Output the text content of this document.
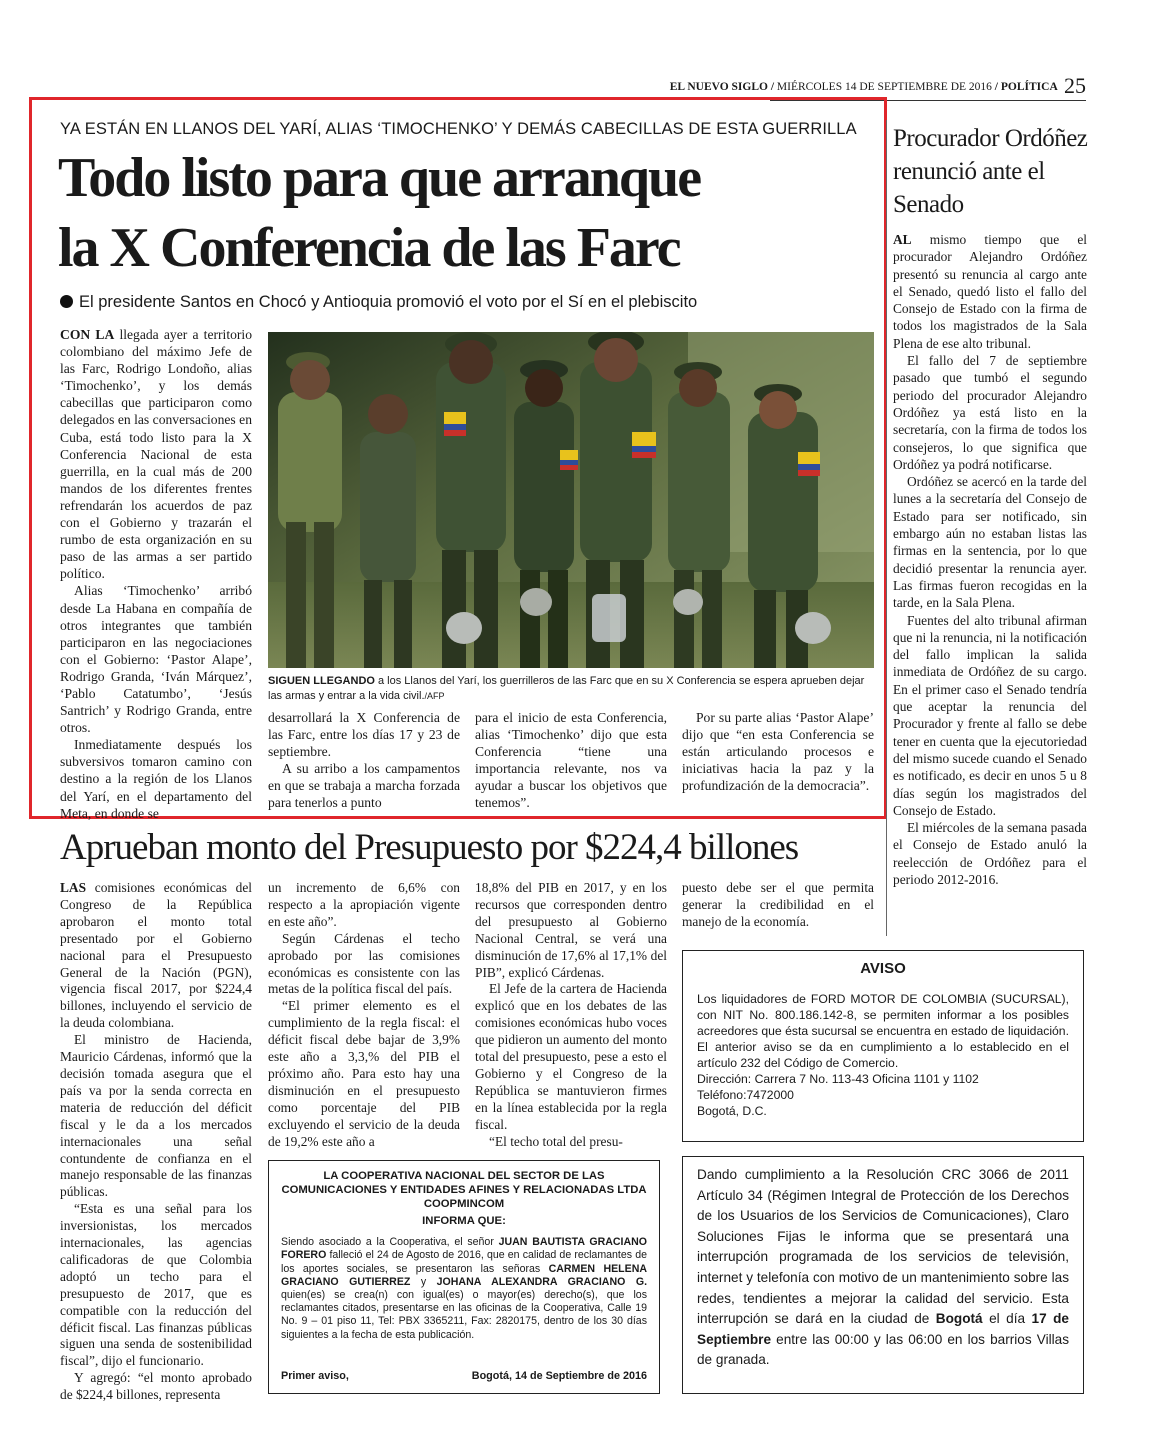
EL NUEVO SIGLO / MIÉRCOLES 14 DE SEPTIEMBRE DE 2016 / POLÍTICA 25
YA ESTÁN EN LLANOS DEL YARÍ, ALIAS ‘TIMOCHENKO’ Y DEMÁS CABECILLAS DE ESTA GUERRILLA
Todo listo para que arranque
la X Conferencia de las Farc
El presidente Santos en Chocó y Antioquia promovió el voto por el Sí en el plebiscito

CON LA llegada ayer a territorio colombiano del máximo Jefe de las Farc, Rodrigo Londoño, alias ‘Timochenko’, y los demás cabecillas que participaron como delegados en las conversaciones en Cuba, está todo listo para la X Conferencia Nacional de esta guerrilla, en la cual más de 200 mandos de los diferentes frentes refrendarán los acuerdos de paz con el Gobierno y trazarán el rumbo de esta organización en su paso de las armas a ser partido político.

Alias ‘Timochenko’ arribó desde La Habana en compañía de otros integrantes que también participaron en las negociaciones con el Gobierno: ‘Pastor Alape’, Rodrigo Granda, ‘Iván Márquez’, ‘Pablo Catatumbo’, ‘Jesús Santrich’ y Rodrigo Granda, entre otros.

Inmediatamente después los subversivos tomaron camino con destino a la región de los Llanos del Yarí, en el departamento del Meta, en donde se

SIGUEN LLEGANDO a los Llanos del Yarí, los guerrilleros de las Farc que en su X Conferencia se espera aprueben dejar las armas y entrar a la vida civil./AFP

desarrollará la X Conferencia de las Farc, entre los días 17 y 23 de septiembre.

A su arribo a los campamentos en que se trabaja a marcha forzada para tenerlos a punto

para el inicio de esta Conferencia, alias ‘Timochenko’ dijo que esta Conferencia “tiene una importancia relevante, nos va ayudar a buscar los objetivos que tenemos”.

Por su parte alias ‘Pastor Alape’ dijo que “en esta Conferencia se están articulando procesos e iniciativas hacia la paz y la profundización de la democracia”.

Procurador Ordóñez renunció ante el Senado

AL mismo tiempo que el procurador Alejandro Ordóñez presentó su renuncia al cargo ante el Senado, quedó listo el fallo del Consejo de Estado con la firma de todos los magistrados de la Sala Plena de ese alto tribunal.

El fallo del 7 de septiembre pasado que tumbó el segundo periodo del procurador Alejandro Ordóñez ya está listo en la secretaría, con la firma de todos los consejeros, lo que significa que Ordóñez ya podrá notificarse.

Ordóñez se acercó en la tarde del lunes a la secretaría del Consejo de Estado para ser notificado, sin embargo aún no estaban listas las firmas en la sentencia, por lo que decidió presentar la renuncia ayer. Las firmas fueron recogidas en la tarde, en la Sala Plena.

Fuentes del alto tribunal afirman que ni la renuncia, ni la notificación del fallo implican la salida inmediata de Ordóñez de su cargo. En el primer caso el Senado tendría que aceptar la renuncia del Procurador y frente al fallo se debe tener en cuenta que la ejecutoriedad del mismo sucede cuando el Senado es notificado, es decir en unos 5 u 8 días según los magistrados del Consejo de Estado.

El miércoles de la semana pasada el Consejo de Estado anuló la reelección de Ordóñez para el periodo 2012-2016.

Aprueban monto del Presupuesto por $224,4 billones

LAS comisiones económicas del Congreso de la República aprobaron el monto total presentado por el Gobierno nacional para el Presupuesto General de la Nación (PGN), vigencia fiscal 2017, por $224,4 billones, incluyendo el servicio de la deuda colombiana.

El ministro de Hacienda, Mauricio Cárdenas, informó que la decisión tomada asegura que el país va por la senda correcta en materia de reducción del déficit fiscal y le da a los mercados internacionales una señal contundente de confianza en el manejo responsable de las finanzas públicas.

“Esta es una señal para los inversionistas, los mercados internacionales, las agencias calificadoras de que Colombia adoptó un techo para el presupuesto de 2017, que es compatible con la reducción del déficit fiscal. Las finanzas públicas siguen una senda de sostenibilidad fiscal”, dijo el funcionario.

Y agregó: “el monto aprobado de $224,4 billones, representa

un incremento de 6,6% con respecto a la apropiación vigente en este año”.

Según Cárdenas el techo aprobado por las comisiones económicas es consistente con las metas de la política fiscal del país.

“El primer elemento es el cumplimiento de la regla fiscal: el déficit fiscal debe bajar de 3,9% este año a 3,3,% del PIB el próximo año. Para esto hay una disminución en el presupuesto como porcentaje del PIB excluyendo el servicio de la deuda de 19,2% este año a

18,8% del PIB en 2017, y en los recursos que corresponden dentro del presupuesto al Gobierno Nacional Central, se verá una disminución de 17,6% al 17,1% del PIB”, explicó Cárdenas.

El Jefe de la cartera de Hacienda explicó que en los debates de las comisiones económicas hubo voces que pidieron un aumento del monto total del presupuesto, pese a esto el Gobierno y el Congreso de la República se mantuvieron firmes en la línea establecida por la regla fiscal.

“El techo total del presu-

puesto debe ser el que permita generar la credibilidad en el manejo de la economía.

AVISO
Los liquidadores de FORD MOTOR DE COLOMBIA (SUCURSAL), con NIT No. 800.186.142-8, se permiten informar a los posibles acreedores que ésta sucursal se encuentra en estado de liquidación.
El anterior aviso se da en cumplimiento a lo establecido en el artículo 232 del Código de Comercio.
Dirección: Carrera 7 No. 113-43 Oficina 1101 y 1102
Teléfono:7472000
Bogotá, D.C.
LA COOPERATIVA NACIONAL DEL SECTOR DE LAS COMUNICACIONES Y ENTIDADES AFINES Y RELACIONADAS LTDA COOPMINCOM
INFORMA QUE:
Siendo asociado a la Cooperativa, el señor JUAN BAUTISTA GRACIANO FORERO falleció el 24 de Agosto de 2016, que en calidad de reclamantes de los aportes sociales, se presentaron las señoras CARMEN HELENA GRACIANO GUTIERREZ y JOHANA ALEXANDRA GRACIANO G. quien(es) se crea(n) con igual(es) o mayor(es) derecho(s), que los reclamantes citados, presentarse en las oficinas de la Cooperativa, Calle 19 No. 9 – 01 piso 11, Tel: PBX 3365211, Fax: 2820175, dentro de los 30 días siguientes a la fecha de esta publicación.
Primer aviso,	Bogotá, 14 de Septiembre de 2016
Dando cumplimiento a la Resolución CRC 3066 de 2011 Artículo 34 (Régimen Integral de Protección de los Derechos de los Usuarios de los Servicios de Comunicaciones), Claro Soluciones Fijas le informa que se presentará una interrupción programada de los servicios de televisión, internet y telefonía con motivo de un mantenimiento sobre las redes, tendientes a mejorar la calidad del servicio. Esta interrupción se dará en la ciudad de Bogotá el día 17 de Septiembre entre las 00:00 y las 06:00 en los barrios Villas de granada.
